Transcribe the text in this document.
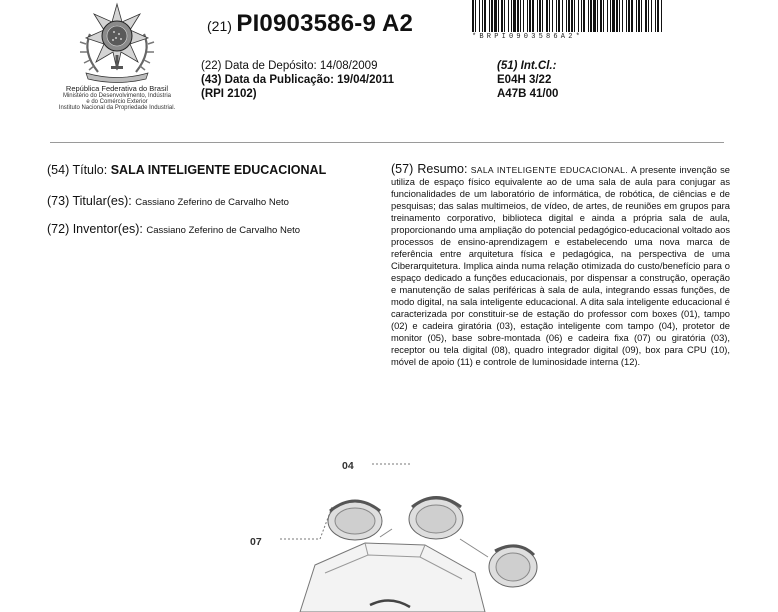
República Federativa do Brasil
Ministério do Desenvolvimento, Indústria
e do Comércio Exterior
Instituto Nacional da Propriedade Industrial.
(21) PI0903586-9 A2	*BRPI0903586A2*
(22) Data de Depósito: 14/08/2009
(43) Data da Publicação: 19/04/2011
(RPI 2102)
(51) Int.Cl.:
E04H 3/22
A47B 41/00
(54) Título: SALA INTELIGENTE EDUCACIONAL
(73) Titular(es): Cassiano Zeferino de Carvalho Neto
(72) Inventor(es): Cassiano Zeferino de Carvalho Neto
(57) Resumo: SALA INTELIGENTE EDUCACIONAL. A presente invenção se utiliza de espaço físico equivalente ao de uma sala de aula para conjugar as funcionalidades de um laboratório de informática, de robótica, de ciências e de pesquisas; das salas multimeios, de vídeo, de artes, de reuniões em grupos para treinamento corporativo, biblioteca digital e ainda a própria sala de aula, proporcionando uma ampliação do potencial pedagógico-educacional voltado aos processos de ensino-aprendizagem e estabelecendo uma nova marca de referência entre arquitetura física e pedagógica, na perspectiva de uma Ciberarquitetura. Implica ainda numa relação otimizada do custo/benefício para o espaço dedicado a funções educacionais, por dispensar a construção, operação e manutenção de salas periféricas à sala de aula, integrando essas funções, de modo digital, na sala inteligente educacional. A dita sala inteligente educacional é caracterizada por constituir-se de estação do professor com boxes (01), tampo (02) e cadeira giratória (03), estação inteligente com tampo (04), protetor de monitor (05), base sobre-montada (06) e cadeira fixa (07) ou giratória (03), receptor ou tela digital (08), quadro integrador digital (09), box para CPU (10), móvel de apoio (11) e controle de luminosidade interna (12).
04
07
